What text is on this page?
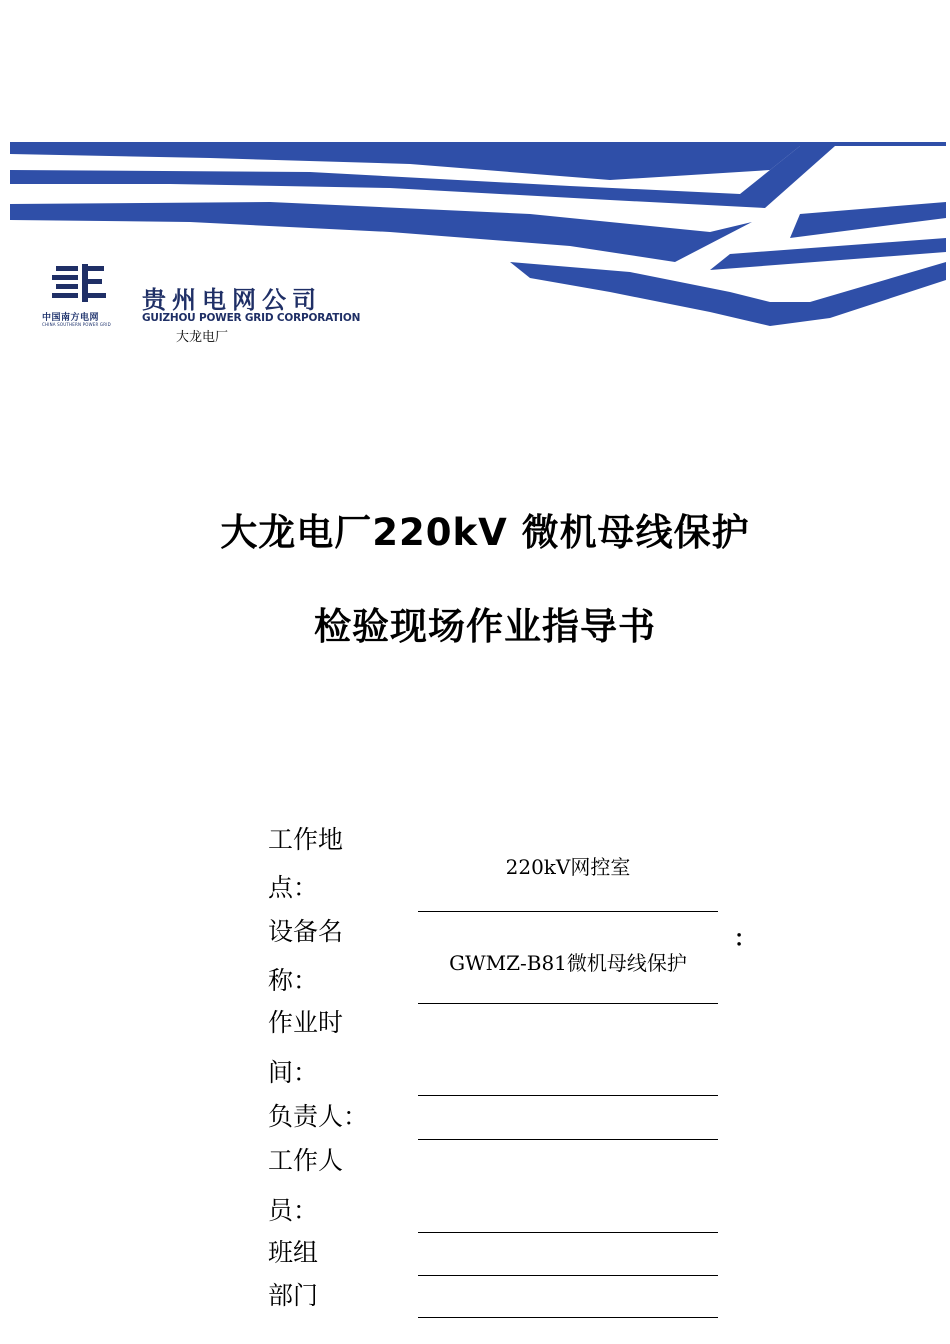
中国南方电网
CHINA SOUTHERN POWER GRID
贵州电网公司
GUIZHOU POWER GRID CORPORATION
大龙电厂
大龙电厂220kV 微机母线保护
检验现场作业指导书
工作地
点：
220kV网控室
设备名
称：
GWMZ-B81微机母线保护
：
作业时
间：
负责人：
工作人
员：
班组
部门
